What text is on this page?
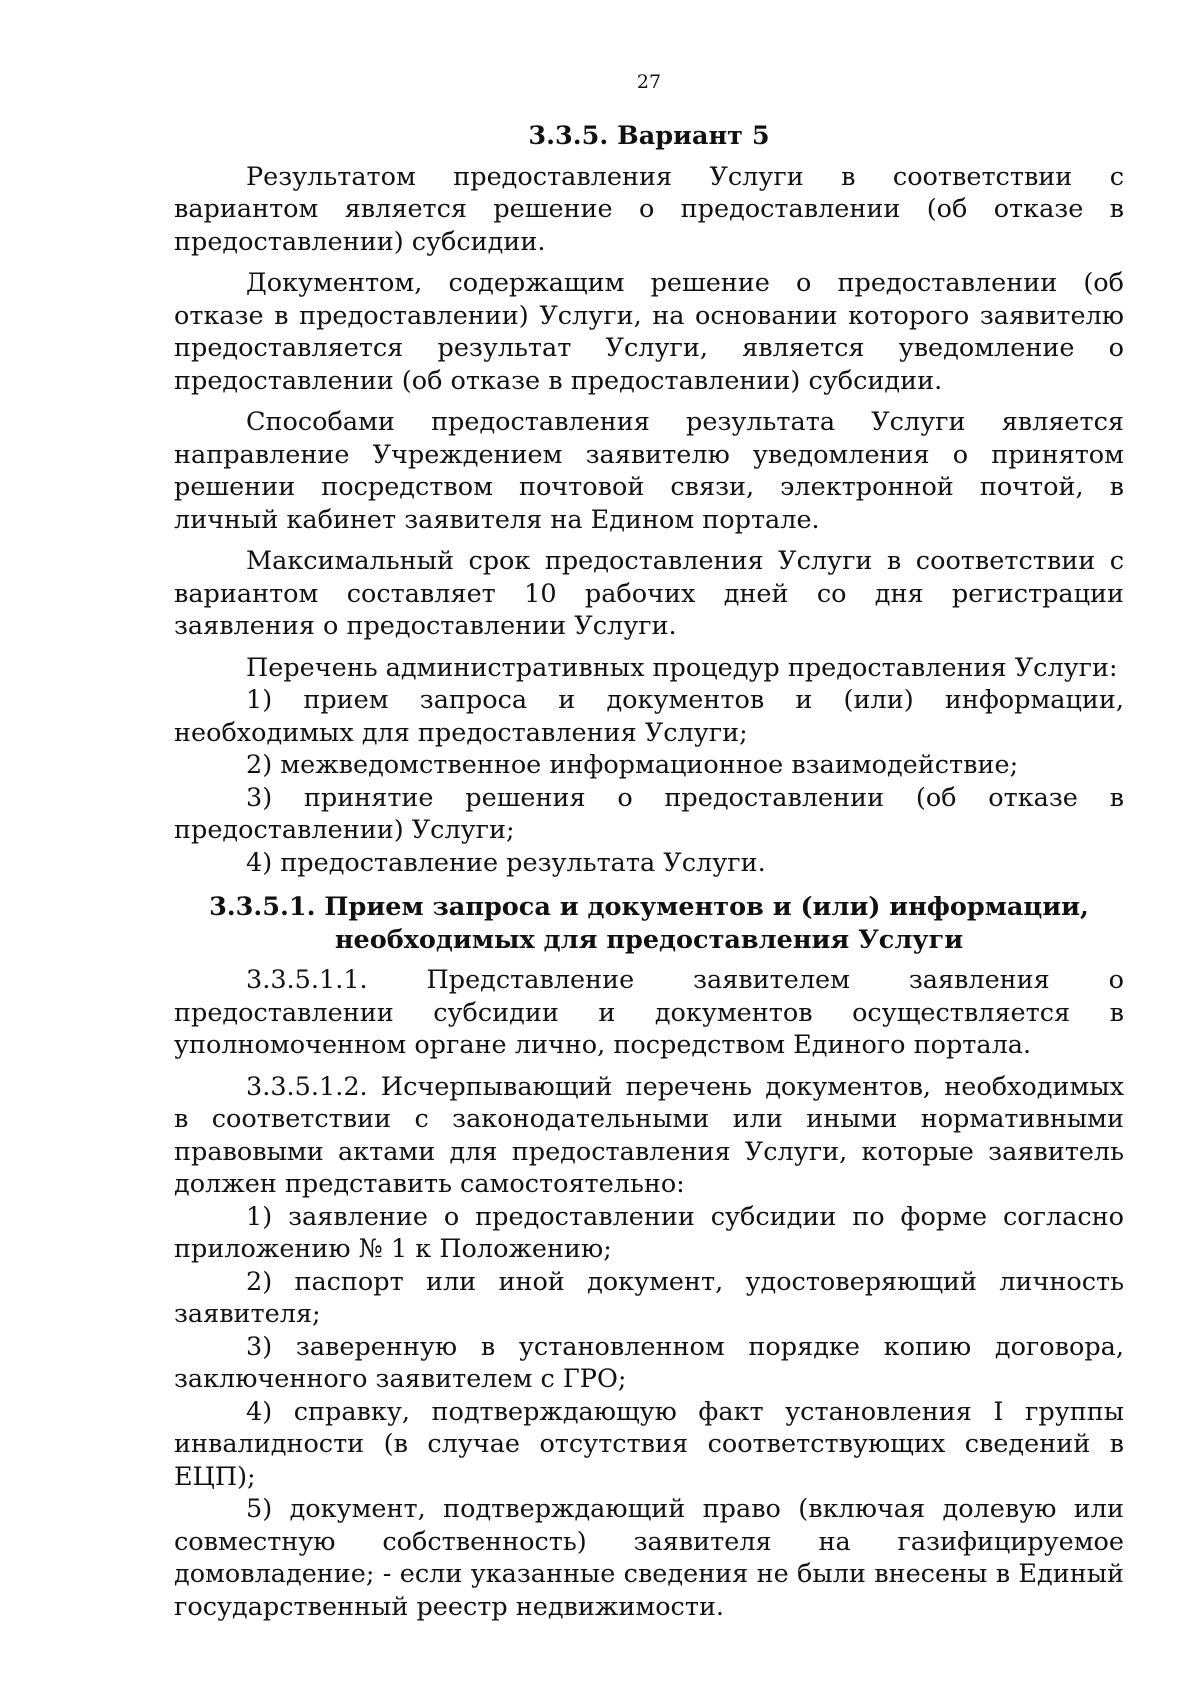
27
3.3.5. Вариант 5

Результатом предоставления Услуги в соответствии с вариантом является решение о предоставлении (об отказе в предоставлении) субсидии.

Документом, содержащим решение о предоставлении (об отказе в предоставлении) Услуги, на основании которого заявителю предоставляется результат Услуги, является уведомление о предоставлении (об отказе в предоставлении) субсидии.

Способами предоставления результата Услуги является направление Учреждением заявителю уведомления о принятом решении посредством почтовой связи, электронной почтой, в личный кабинет заявителя на Едином портале.

Максимальный срок предоставления Услуги в соответствии с вариантом составляет 10 рабочих дней со дня регистрации заявления о предоставлении Услуги.

Перечень административных процедур предоставления Услуги:

1) прием запроса и документов и (или) информации, необходимых для предоставления Услуги;

2) межведомственное информационное взаимодействие;

3) принятие решения о предоставлении (об отказе в предоставлении) Услуги;

4) предоставление результата Услуги.

3.3.5.1. Прием запроса и документов и (или) информации, необходимых для предоставления Услуги

3.3.5.1.1. Представление заявителем заявления о предоставлении субсидии и документов осуществляется в уполномоченном органе лично, посредством Единого портала.

3.3.5.1.2. Исчерпывающий перечень документов, необходимых в соответствии с законодательными или иными нормативными правовыми актами для предоставления Услуги, которые заявитель должен представить самостоятельно:

1) заявление о предоставлении субсидии по форме согласно приложению № 1 к Положению;

2) паспорт или иной документ, удостоверяющий личность заявителя;

3) заверенную в установленном порядке копию договора, заключенного заявителем с ГРО;

4) справку, подтверждающую факт установления I группы инвалидности (в случае отсутствия соответствующих сведений в ЕЦП);

5) документ, подтверждающий право (включая долевую или совместную собственность) заявителя на газифицируемое домовладение; - если указанные сведения не были внесены в Единый государственный реестр недвижимости.
